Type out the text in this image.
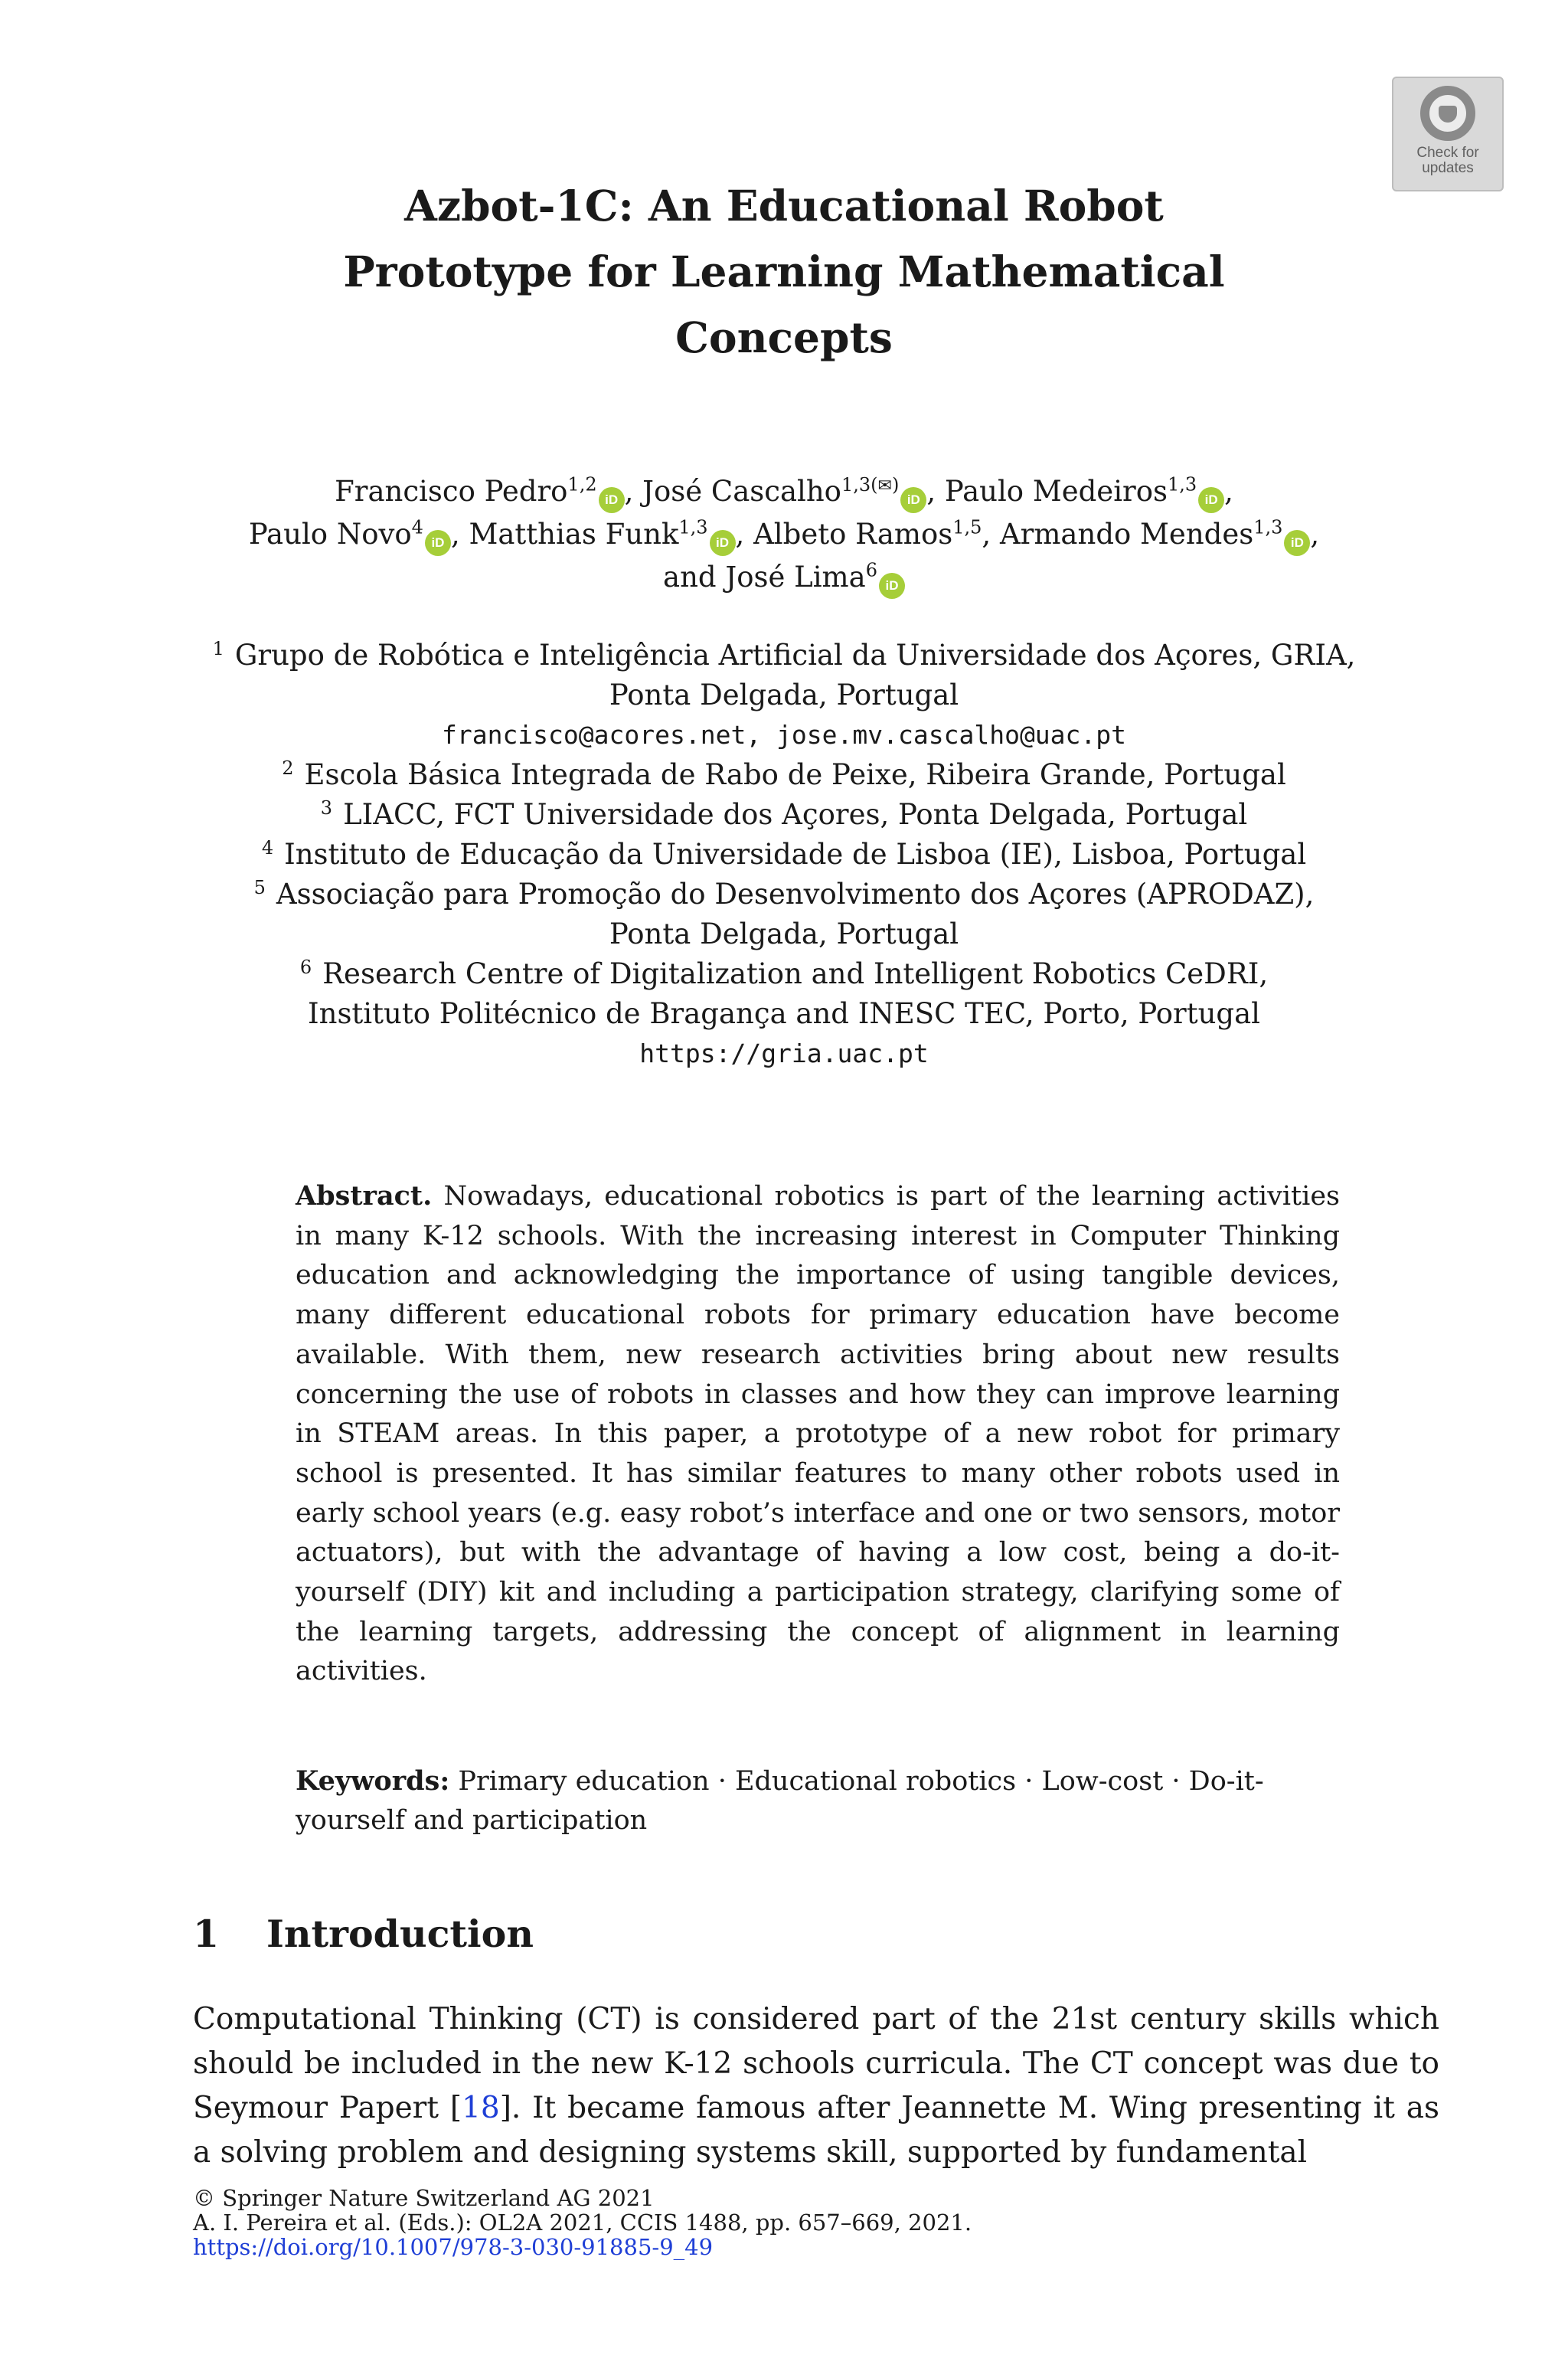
Check for
updates
Azbot-1C: An Educational Robot
Prototype for Learning Mathematical
Concepts
Francisco Pedro$^{1,2}$iD , José Cascalho$^{1,3(✉)}$iD , Paulo Medeiros$^{1,3}$iD ,
Paulo Novo$^4$iD , Matthias Funk$^{1,3}$iD , Albeto Ramos$^{1,5}$, Armando Mendes$^{1,3}$iD ,
and José Lima$^6$iD
$^1$ Grupo de Robótica e Inteligência Artificial da Universidade dos Açores, GRIA,
Ponta Delgada, Portugal
francisco@acores.net, jose.mv.cascalho@uac.pt
$^2$ Escola Básica Integrada de Rabo de Peixe, Ribeira Grande, Portugal
$^3$ LIACC, FCT Universidade dos Açores, Ponta Delgada, Portugal
$^4$ Instituto de Educação da Universidade de Lisboa (IE), Lisboa, Portugal
$^5$ Associação para Promoção do Desenvolvimento dos Açores (APRODAZ),
Ponta Delgada, Portugal
$^6$ Research Centre of Digitalization and Intelligent Robotics CeDRI,
Instituto Politécnico de Bragança and INESC TEC, Porto, Portugal
https://gria.uac.pt
Abstract. Nowadays, educational robotics is part of the learning activities in many K-12 schools. With the increasing interest in Computer Thinking education and acknowledging the importance of using tangible devices, many different educational robots for primary education have become available. With them, new research activities bring about new results concerning the use of robots in classes and how they can improve learning in STEAM areas. In this paper, a prototype of a new robot for primary school is presented. It has similar features to many other robots used in early school years (e.g. easy robot’s interface and one or two sensors, motor actuators), but with the advantage of having a low cost, being a do-it-yourself (DIY) kit and including a participation strategy, clarifying some of the learning targets, addressing the concept of alignment in learning activities.
Keywords: Primary education · Educational robotics · Low-cost · Do-it-yourself and participation
1 Introduction
Computational Thinking (CT) is considered part of the 21st century skills which should be included in the new K-12 schools curricula. The CT concept was due to Seymour Papert [18]. It became famous after Jeannette M. Wing presenting it as a solving problem and designing systems skill, supported by fundamental
© Springer Nature Switzerland AG 2021
A. I. Pereira et al. (Eds.): OL2A 2021, CCIS 1488, pp. 657–669, 2021.
https://doi.org/10.1007/978-3-030-91885-9_49
